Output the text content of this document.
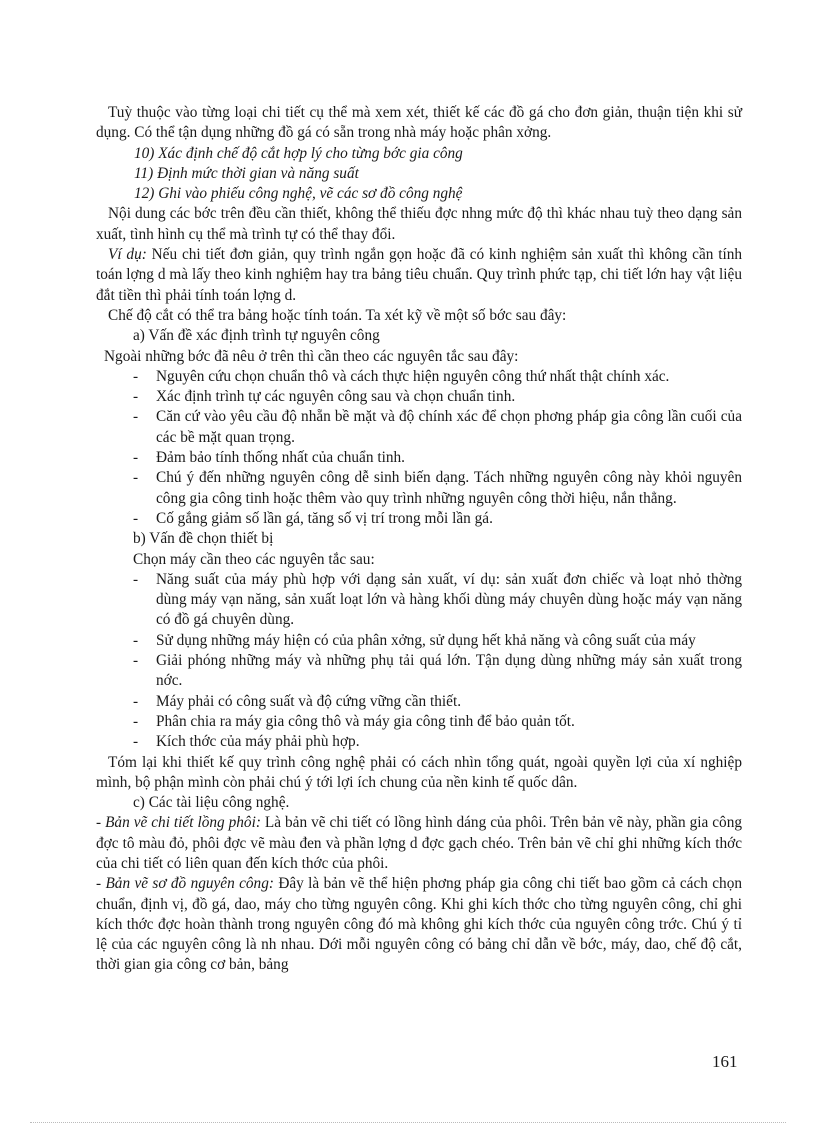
Tuỳ thuộc vào từng loại chi tiết cụ thể mà xem xét, thiết kế các đồ gá cho đơn giản, thuận tiện khi sử dụng. Có thể tận dụng những đồ gá có sẵn trong nhà máy hoặc phân xởng.

10) Xác định chế độ cắt hợp lý cho từng bớc gia công

11) Định mức thời gian và năng suất

12) Ghi vào phiếu công nghệ, vẽ các sơ đồ công nghệ

Nội dung các bớc trên đều cần thiết, không thể thiếu đợc nhng mức độ thì khác nhau tuỳ theo dạng sản xuất, tình hình cụ thể mà trình tự có thể thay đổi.

Ví dụ: Nếu chi tiết đơn giản, quy trình ngắn gọn hoặc đã có kinh nghiệm sản xuất thì không cần tính toán lợng d mà lấy theo kinh nghiệm hay tra bảng tiêu chuẩn. Quy trình phức tạp, chi tiết lớn hay vật liệu đắt tiền thì phải tính toán lợng d.

Chế độ cắt có thể tra bảng hoặc tính toán. Ta xét kỹ về một số bớc sau đây:

a) Vấn đề xác định trình tự nguyên công

Ngoài những bớc đã nêu ở trên thì cần theo các nguyên tắc sau đây:

-	Nguyên cứu chọn chuẩn thô và cách thực hiện nguyên công thứ nhất thật chính xác.
-	Xác định trình tự các nguyên công sau và chọn chuẩn tinh.
-	Căn cứ vào yêu cầu độ nhẵn bề mặt và độ chính xác để chọn phơng pháp gia công lần cuối của các bề mặt quan trọng.
-	Đảm bảo tính thống nhất của chuẩn tinh.
-	Chú ý đến những nguyên công dễ sinh biến dạng. Tách những nguyên công này khỏi nguyên công gia công tinh hoặc thêm vào quy trình những nguyên công thời hiệu, nắn thẳng.
-	Cố gắng giảm số lần gá, tăng số vị trí trong mỗi lần gá.

b) Vấn đề chọn thiết bị

Chọn máy cần theo các nguyên tắc sau:

-	Năng suất của máy phù hợp với dạng sản xuất, ví dụ: sản xuất đơn chiếc và loạt nhỏ thờng dùng máy vạn năng, sản xuất loạt lớn và hàng khối dùng máy chuyên dùng hoặc máy vạn năng có đồ gá chuyên dùng.
-	Sử dụng những máy hiện có của phân xởng, sử dụng hết khả năng và công suất của máy
-	Giải phóng những máy và những phụ tải quá lớn. Tận dụng dùng những máy sản xuất trong nớc.
-	Máy phải có công suất và độ cứng vững cần thiết.
-	Phân chia ra máy gia công thô và máy gia công tinh để bảo quản tốt.
-	Kích thớc của máy phải phù hợp.

Tóm lại khi thiết kế quy trình công nghệ phải có cách nhìn tổng quát, ngoài quyền lợi của xí nghiệp mình, bộ phận mình còn phải chú ý tới lợi ích chung của nền kinh tế quốc dân.

c) Các tài liệu công nghệ.

- Bản vẽ chi tiết lồng phôi: Là bản vẽ chi tiết có lồng hình dáng của phôi. Trên bản vẽ này, phần gia công đợc tô màu đỏ, phôi đợc vẽ màu đen và phần lợng d đợc gạch chéo. Trên bản vẽ chỉ ghi những kích thớc của chi tiết có liên quan đến kích thớc của phôi.

- Bản vẽ sơ đồ nguyên công: Đây là bản vẽ thể hiện phơng pháp gia công chi tiết bao gồm cả cách chọn chuẩn, định vị, đồ gá, dao, máy cho từng nguyên công. Khi ghi kích thớc cho từng nguyên công, chỉ ghi kích thớc đợc hoàn thành trong nguyên công đó mà không ghi kích thớc của nguyên công trớc. Chú ý tỉ lệ của các nguyên công là nh nhau. Dới mỗi nguyên công có bảng chỉ dẫn về bớc, máy, dao, chế độ cắt, thời gian gia công cơ bản, bảng

161
